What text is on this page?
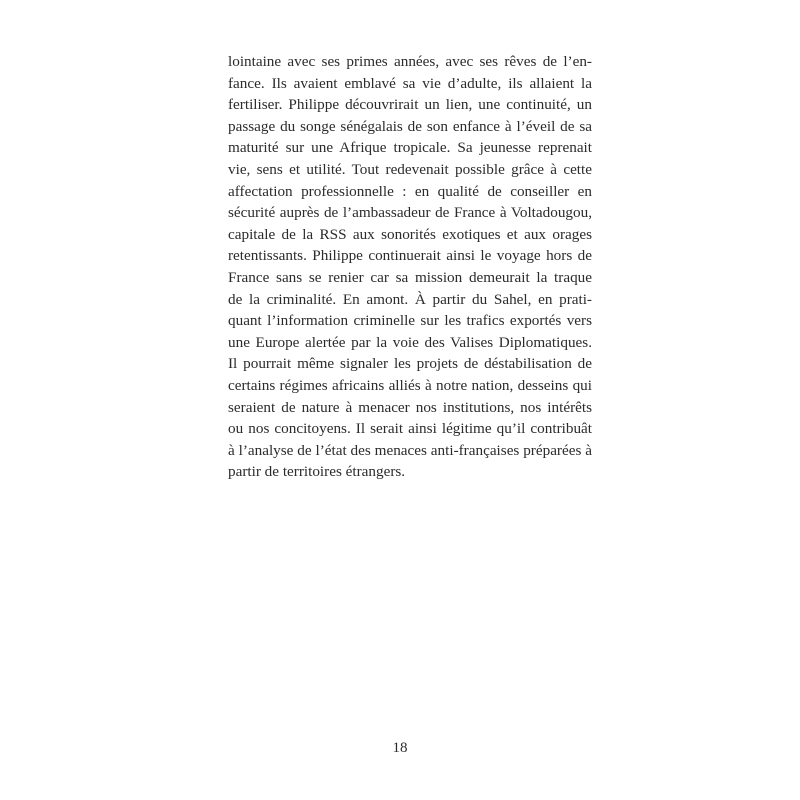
lointaine avec ses primes années, avec ses rêves de l’en-
fance. Ils avaient emblavé sa vie d’adulte, ils allaient la
fertiliser. Philippe découvrirait un lien, une continuité, un
passage du songe sénégalais de son enfance à l’éveil de sa
maturité sur une Afrique tropicale. Sa jeunesse reprenait
vie, sens et utilité. Tout redevenait possible grâce à cette
affectation professionnelle : en qualité de conseiller en
sécurité auprès de l’ambassadeur de France à Voltadougou,
capitale de la RSS aux sonorités exotiques et aux orages
retentissants. Philippe continuerait ainsi le voyage hors de
France sans se renier car sa mission demeurait la traque
de la criminalité. En amont. À partir du Sahel, en prati-
quant l’information criminelle sur les trafics exportés vers
une Europe alertée par la voie des Valises Diplomatiques.
Il pourrait même signaler les projets de déstabilisation de
certains régimes africains alliés à notre nation, desseins qui
seraient de nature à menacer nos institutions, nos intérêts
ou nos concitoyens. Il serait ainsi légitime qu’il contribuât
à l’analyse de l’état des menaces anti-françaises préparées à
partir de territoires étrangers.
18
